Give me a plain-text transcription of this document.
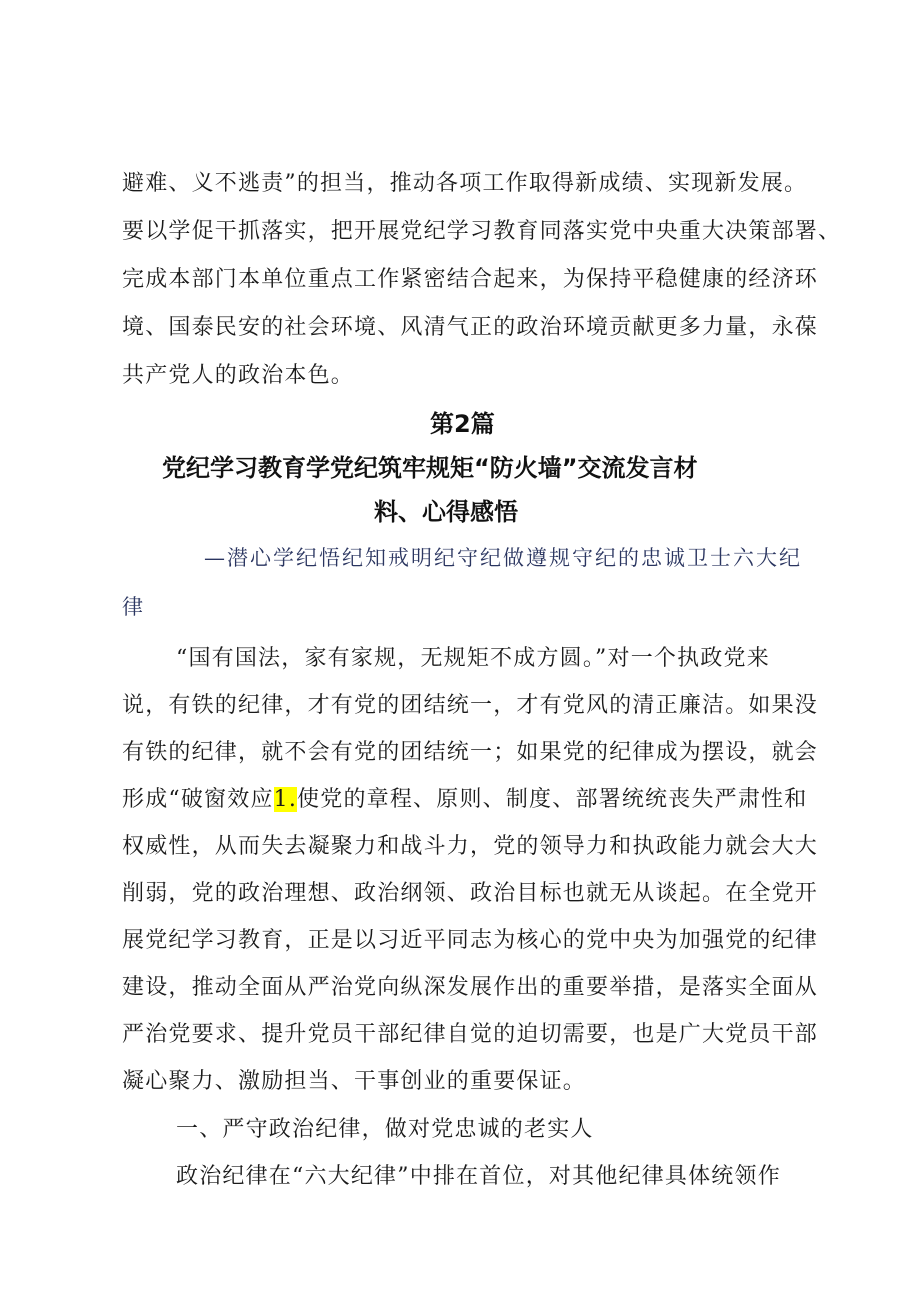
避难、义不逃责”的担当，推动各项工作取得新成绩、实现新发展。
要以学促干抓落实，把开展党纪学习教育同落实党中央重大决策部署、
完成本部门本单位重点工作紧密结合起来，为保持平稳健康的经济环
境、国泰民安的社会环境、风清气正的政治环境贡献更多力量，永葆
共产党人的政治本色。
第2篇
党纪学习教育学党纪筑牢规矩“防火墙”交流发言材
料、心得感悟
—潜心学纪悟纪知戒明纪守纪做遵规守纪的忠诚卫士六大纪
律
“国有国法，家有家规，无规矩不成方圆。”对一个执政党来
说，有铁的纪律，才有党的团结统一，才有党风的清正廉洁。如果没
有铁的纪律，就不会有党的团结统一；如果党的纪律成为摆设，就会
形成“破窗效应1.使党的章程、原则、制度、部署统统丧失严肃性和
权威性，从而失去凝聚力和战斗力，党的领导力和执政能力就会大大
削弱，党的政治理想、政治纲领、政治目标也就无从谈起。在全党开
展党纪学习教育，正是以习近平同志为核心的党中央为加强党的纪律
建设，推动全面从严治党向纵深发展作出的重要举措，是落实全面从
严治党要求、提升党员干部纪律自觉的迫切需要，也是广大党员干部
凝心聚力、激励担当、干事创业的重要保证。
一、严守政治纪律，做对党忠诚的老实人
政治纪律在“六大纪律”中排在首位，对其他纪律具体统领作
